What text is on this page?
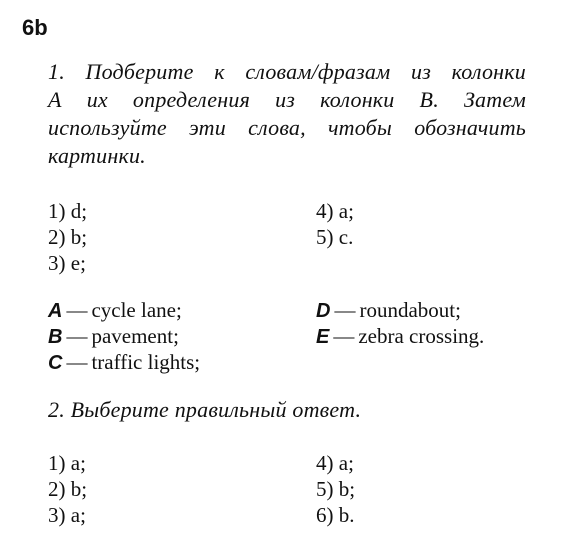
6b
1. Подберите к словам/фразам из колонки
А их определения из колонки В. Затем
используйте эти слова, чтобы обозначить
картинки.
1) d;
2) b;
3) e;
4) a;
5) c.
A — cycle lane;
B — pavement;
C — traffic lights;
D — roundabout;
E — zebra crossing.
2. Выберите правильный ответ.
1) a;
2) b;
3) a;
4) a;
5) b;
6) b.
